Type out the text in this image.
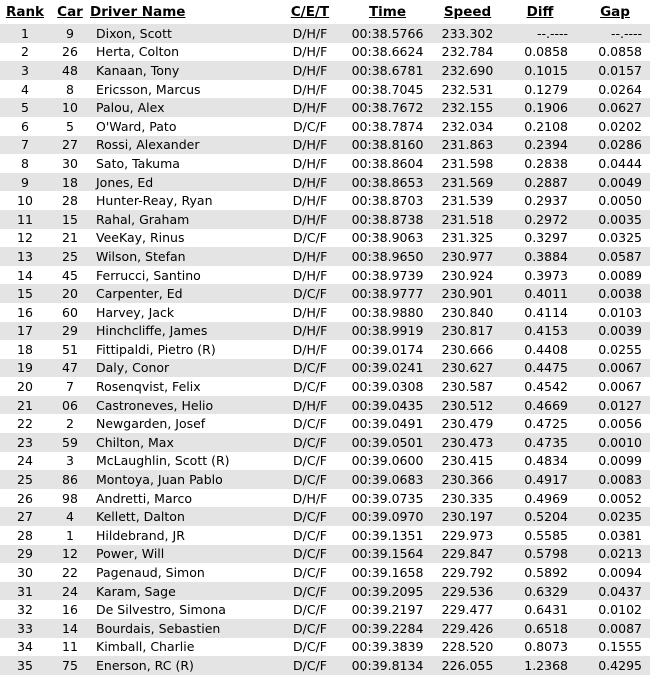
Rank	Car	Driver Name	C/E/T	Time	Speed	Diff	Gap
1	9	Dixon, Scott	D/H/F	00:38.5766	233.302	--.----	--.----
2	26	Herta, Colton	D/H/F	00:38.6624	232.784	0.0858	0.0858
3	48	Kanaan, Tony	D/H/F	00:38.6781	232.690	0.1015	0.0157
4	8	Ericsson, Marcus	D/H/F	00:38.7045	232.531	0.1279	0.0264
5	10	Palou, Alex	D/H/F	00:38.7672	232.155	0.1906	0.0627
6	5	O'Ward, Pato	D/C/F	00:38.7874	232.034	0.2108	0.0202
7	27	Rossi, Alexander	D/H/F	00:38.8160	231.863	0.2394	0.0286
8	30	Sato, Takuma	D/H/F	00:38.8604	231.598	0.2838	0.0444
9	18	Jones, Ed	D/H/F	00:38.8653	231.569	0.2887	0.0049
10	28	Hunter-Reay, Ryan	D/H/F	00:38.8703	231.539	0.2937	0.0050
11	15	Rahal, Graham	D/H/F	00:38.8738	231.518	0.2972	0.0035
12	21	VeeKay, Rinus	D/C/F	00:38.9063	231.325	0.3297	0.0325
13	25	Wilson, Stefan	D/H/F	00:38.9650	230.977	0.3884	0.0587
14	45	Ferrucci, Santino	D/H/F	00:38.9739	230.924	0.3973	0.0089
15	20	Carpenter, Ed	D/C/F	00:38.9777	230.901	0.4011	0.0038
16	60	Harvey, Jack	D/H/F	00:38.9880	230.840	0.4114	0.0103
17	29	Hinchcliffe, James	D/H/F	00:38.9919	230.817	0.4153	0.0039
18	51	Fittipaldi, Pietro (R)	D/H/F	00:39.0174	230.666	0.4408	0.0255
19	47	Daly, Conor	D/C/F	00:39.0241	230.627	0.4475	0.0067
20	7	Rosenqvist, Felix	D/C/F	00:39.0308	230.587	0.4542	0.0067
21	06	Castroneves, Helio	D/H/F	00:39.0435	230.512	0.4669	0.0127
22	2	Newgarden, Josef	D/C/F	00:39.0491	230.479	0.4725	0.0056
23	59	Chilton, Max	D/C/F	00:39.0501	230.473	0.4735	0.0010
24	3	McLaughlin, Scott (R)	D/C/F	00:39.0600	230.415	0.4834	0.0099
25	86	Montoya, Juan Pablo	D/C/F	00:39.0683	230.366	0.4917	0.0083
26	98	Andretti, Marco	D/H/F	00:39.0735	230.335	0.4969	0.0052
27	4	Kellett, Dalton	D/C/F	00:39.0970	230.197	0.5204	0.0235
28	1	Hildebrand, JR	D/C/F	00:39.1351	229.973	0.5585	0.0381
29	12	Power, Will	D/C/F	00:39.1564	229.847	0.5798	0.0213
30	22	Pagenaud, Simon	D/C/F	00:39.1658	229.792	0.5892	0.0094
31	24	Karam, Sage	D/C/F	00:39.2095	229.536	0.6329	0.0437
32	16	De Silvestro, Simona	D/C/F	00:39.2197	229.477	0.6431	0.0102
33	14	Bourdais, Sebastien	D/C/F	00:39.2284	229.426	0.6518	0.0087
34	11	Kimball, Charlie	D/C/F	00:39.3839	228.520	0.8073	0.1555
35	75	Enerson, RC (R)	D/C/F	00:39.8134	226.055	1.2368	0.4295
